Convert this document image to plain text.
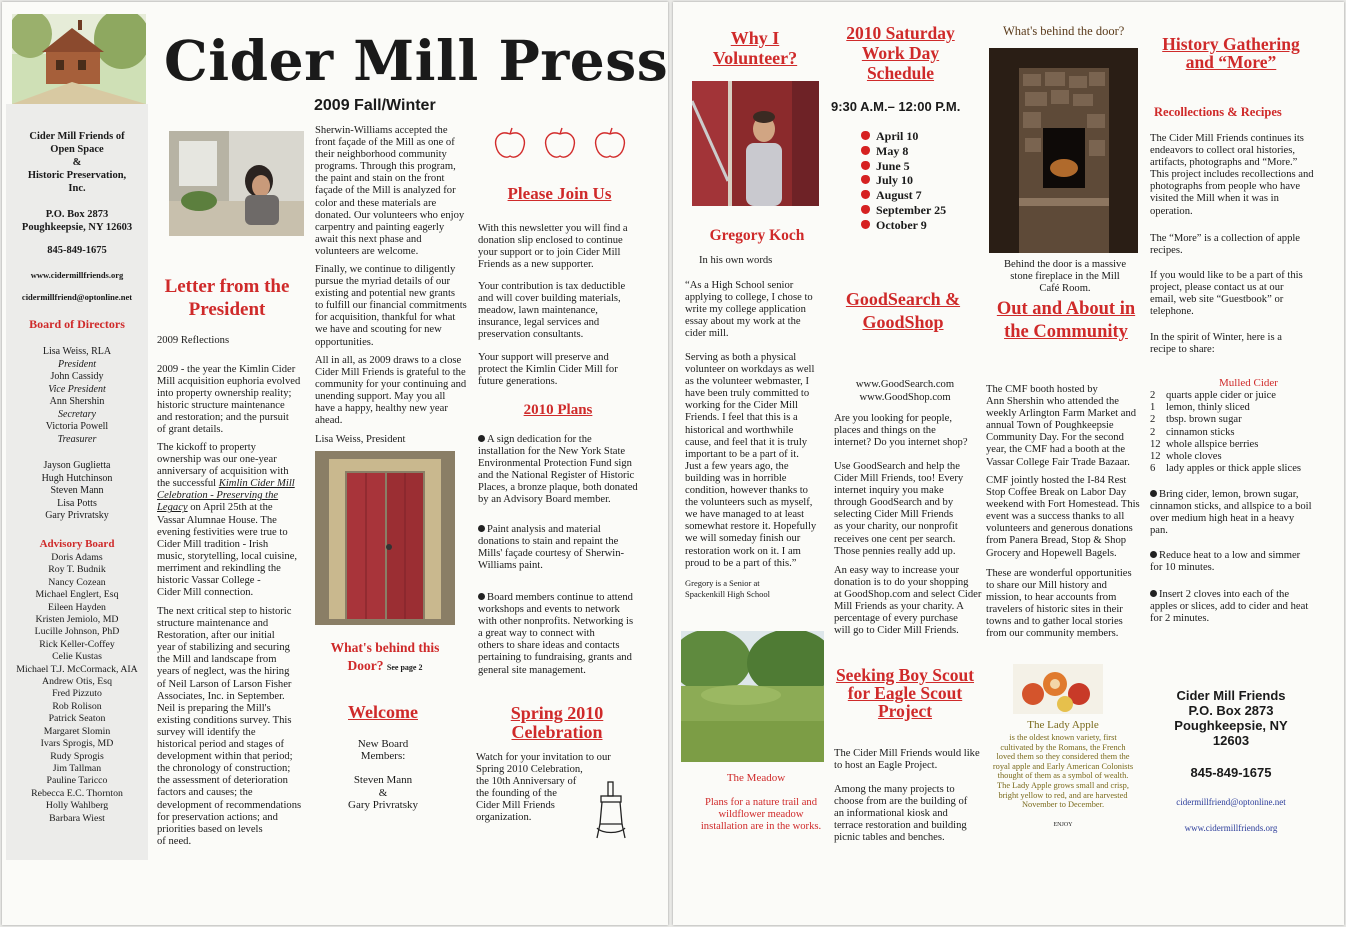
Cider Mill Press
2009 Fall/Winter
Cider Mill Friends of
Open Space
&
Historic Preservation,
Inc.
P.O. Box 2873
Poughkeepsie, NY 12603
845-849-1675
www.cidermillfriends.org
cidermillfriend@optonline.net
Board of Directors
Lisa Weiss, RLA
President
John Cassidy
Vice President
Ann Shershin
Secretary
Victoria Powell
Treasurer
Jayson Guglietta
Hugh Hutchinson
Steven Mann
Lisa Potts
Gary Privratsky
Advisory Board
Doris Adams
Roy T. Budnik
Nancy Cozean
Michael Englert, Esq
Eileen Hayden
Kristen Jemiolo, MD
Lucille Johnson, PhD
Rick Keller-Coffey
Celie Kustas
Michael T.J. McCormack, AIA
Andrew Otis, Esq
Fred Pizzuto
Rob Rolison
Patrick Seaton
Margaret Slomin
Ivars Sprogis, MD
Rudy Sprogis
Jim Tallman
Pauline Taricco
Rebecca E.C. Thornton
Holly Wahlberg
Barbara Wiest
Letter from the President
2009 Reflections
2009 - the year the Kimlin Cider
Mill acquisition euphoria evolved
into property ownership reality;
historic structure maintenance
and restoration; and the pursuit
of grant details.
The kickoff to property
ownership was our one-year
anniversary of acquisition with
the successful Kimlin Cider Mill
Celebration - Preserving the
Legacy on April 25th at the
Vassar Alumnae House. The
evening festivities were true to
Cider Mill tradition - Irish
music, storytelling, local cuisine,
merriment and rekindling the
historic Vassar College -
Cider Mill connection.
The next critical step to historic
structure maintenance and
Restoration, after our initial
year of stabilizing and securing
the Mill and landscape from
years of neglect, was the hiring
of Neil Larson of Larson Fisher
Associates, Inc. in September.
Neil is preparing the Mill's
existing conditions survey. This
survey will identify the
historical period and stages of
development within that period;
the chronology of construction;
the assessment of deterioration
factors and causes; the
development of recommendations
for preservation actions; and
priorities based on levels
of need.
Sherwin-Williams accepted the
front façade of the Mill as one of
their neighborhood community
programs. Through this program,
the paint and stain on the front
façade of the Mill is analyzed for
color and these materials are
donated. Our volunteers who enjoy
carpentry and painting eagerly
await this next phase and
volunteers are welcome.
Finally, we continue to diligently
pursue the myriad details of our
existing and potential new grants
to fulfill our financial commitments
for acquisition, thankful for what
we have and scouting for new
opportunities.
All in all, as 2009 draws to a close
Cider Mill Friends is grateful to the
community for your continuing and
unending support. May you all
have a happy, healthy new year
ahead.
Lisa Weiss, President
What's behind this Door? See page 2
Welcome
New Board
Members:
Steven Mann
&
Gary Privratsky
Please Join Us
With this newsletter you will find a
donation slip enclosed to continue
your support or to join Cider Mill
Friends as a new supporter.
Your contribution is tax deductible
and will cover building materials,
meadow, lawn maintenance,
insurance, legal services and
preservation consultants.
Your support will preserve and
protect the Kimlin Cider Mill for
future generations.
2010 Plans
A sign dedication for the
installation for the New York State
Environmental Protection Fund sign
and the National Register of Historic
Places, a bronze plaque, both donated
by an Advisory Board member.
Paint analysis and material
donations to stain and repaint the
Mills' façade courtesy of Sherwin-
Williams paint.
Board members continue to attend
workshops and events to network
with other nonprofits. Networking is
a great way to connect with
others to share ideas and contacts
pertaining to fundraising, grants and
general site management.
Spring 2010 Celebration
Watch for your invitation to our
Spring 2010 Celebration,
the 10th Anniversary of
the founding of the
Cider Mill Friends
organization.
Why I Volunteer?
Gregory Koch
In his own words
“As a High School senior
applying to college, I chose to
write my college application
essay about my work at the
cider mill.
Serving as both a physical
volunteer on workdays as well
as the volunteer webmaster, I
have been truly committed to
working for the Cider Mill
Friends. I feel that this is a
historical and worthwhile
cause, and feel that it is truly
important to be a part of it.
Just a few years ago, the
building was in horrible
condition, however thanks to
the volunteers such as myself,
we have managed to at least
somewhat restore it. Hopefully
we will someday finish our
restoration work on it. I am
proud to be a part of this.”
Gregory is a Senior at
Spackenkill High School
The Meadow
Plans for a nature trail and
wildflower meadow
installation are in the works.
2010 Saturday Work Day Schedule
9:30 A.M.– 12:00 P.M.
April 10
May 8
June 5
July 10
August 7
September 25
October 9
GoodSearch & GoodShop
www.GoodSearch.com
www.GoodShop.com
Are you looking for people,
places and things on the
internet? Do you internet shop?
Use GoodSearch and help the
Cider Mill Friends, too! Every
internet inquiry you make
through GoodSearch and by
selecting Cider Mill Friends
as your charity, our nonprofit
receives one cent per search.
Those pennies really add up.
An easy way to increase your
donation is to do your shopping
at GoodShop.com and select Cider
Mill Friends as your charity. A
percentage of every purchase
will go to Cider Mill Friends.
Seeking Boy Scout for Eagle Scout Project
The Cider Mill Friends would like
to host an Eagle Project.
Among the many projects to
choose from are the building of
an informational kiosk and
terrace restoration and building
picnic tables and benches.
What's behind the door?
Behind the door is a massive
stone fireplace in the Mill
Café Room.
Out and About in the Community
The CMF booth hosted by
Ann Shershin who attended the
weekly Arlington Farm Market and
annual Town of Poughkeepsie
Community Day. For the second
year, the CMF had a booth at the
Vassar College Fair Trade Bazaar.
CMF jointly hosted the I-84 Rest
Stop Coffee Break on Labor Day
weekend with Fort Homestead. This
event was a success thanks to all
volunteers and generous donations
from Panera Bread, Stop & Shop
Grocery and Hopewell Bagels.
These are wonderful opportunities
to share our Mill history and
mission, to hear accounts from
travelers of historic sites in their
towns and to gather local stories
from our community members.
The Lady Apple
is the oldest known variety, first
cultivated by the Romans, the French
loved them so they considered them the
royal apple and Early American Colonists
thought of them as a symbol of wealth.
The Lady Apple grows small and crisp,
bright yellow to red, and are harvested
November to December.
ENJOY
History Gathering and “More”
Recollections & Recipes
The Cider Mill Friends continues its
endeavors to collect oral histories,
artifacts, photographs and “More.”
This project includes recollections and
photographs from people who have
visited the Mill when it was in
operation.
The “More” is a collection of apple
recipes.
If you would like to be a part of this
project, please contact us at our
email, web site “Guestbook” or
telephone.
In the spirit of Winter, here is a
recipe to share:
Mulled Cider
2 quarts apple cider or juice
1 lemon, thinly sliced
2 tbsp. brown sugar
2 cinnamon sticks
12 whole allspice berries
12 whole cloves
6 lady apples or thick apple slices
Bring cider, lemon, brown sugar,
cinnamon sticks, and allspice to a boil
over medium high heat in a heavy
pan.
Reduce heat to a low and simmer
for 10 minutes.
Insert 2 cloves into each of the
apples or slices, add to cider and heat
for 2 minutes.
Cider Mill Friends
P.O. Box 2873
Poughkeepsie, NY
12603
845-849-1675
cidermillfriend@optonline.net
www.cidermillfriends.org
